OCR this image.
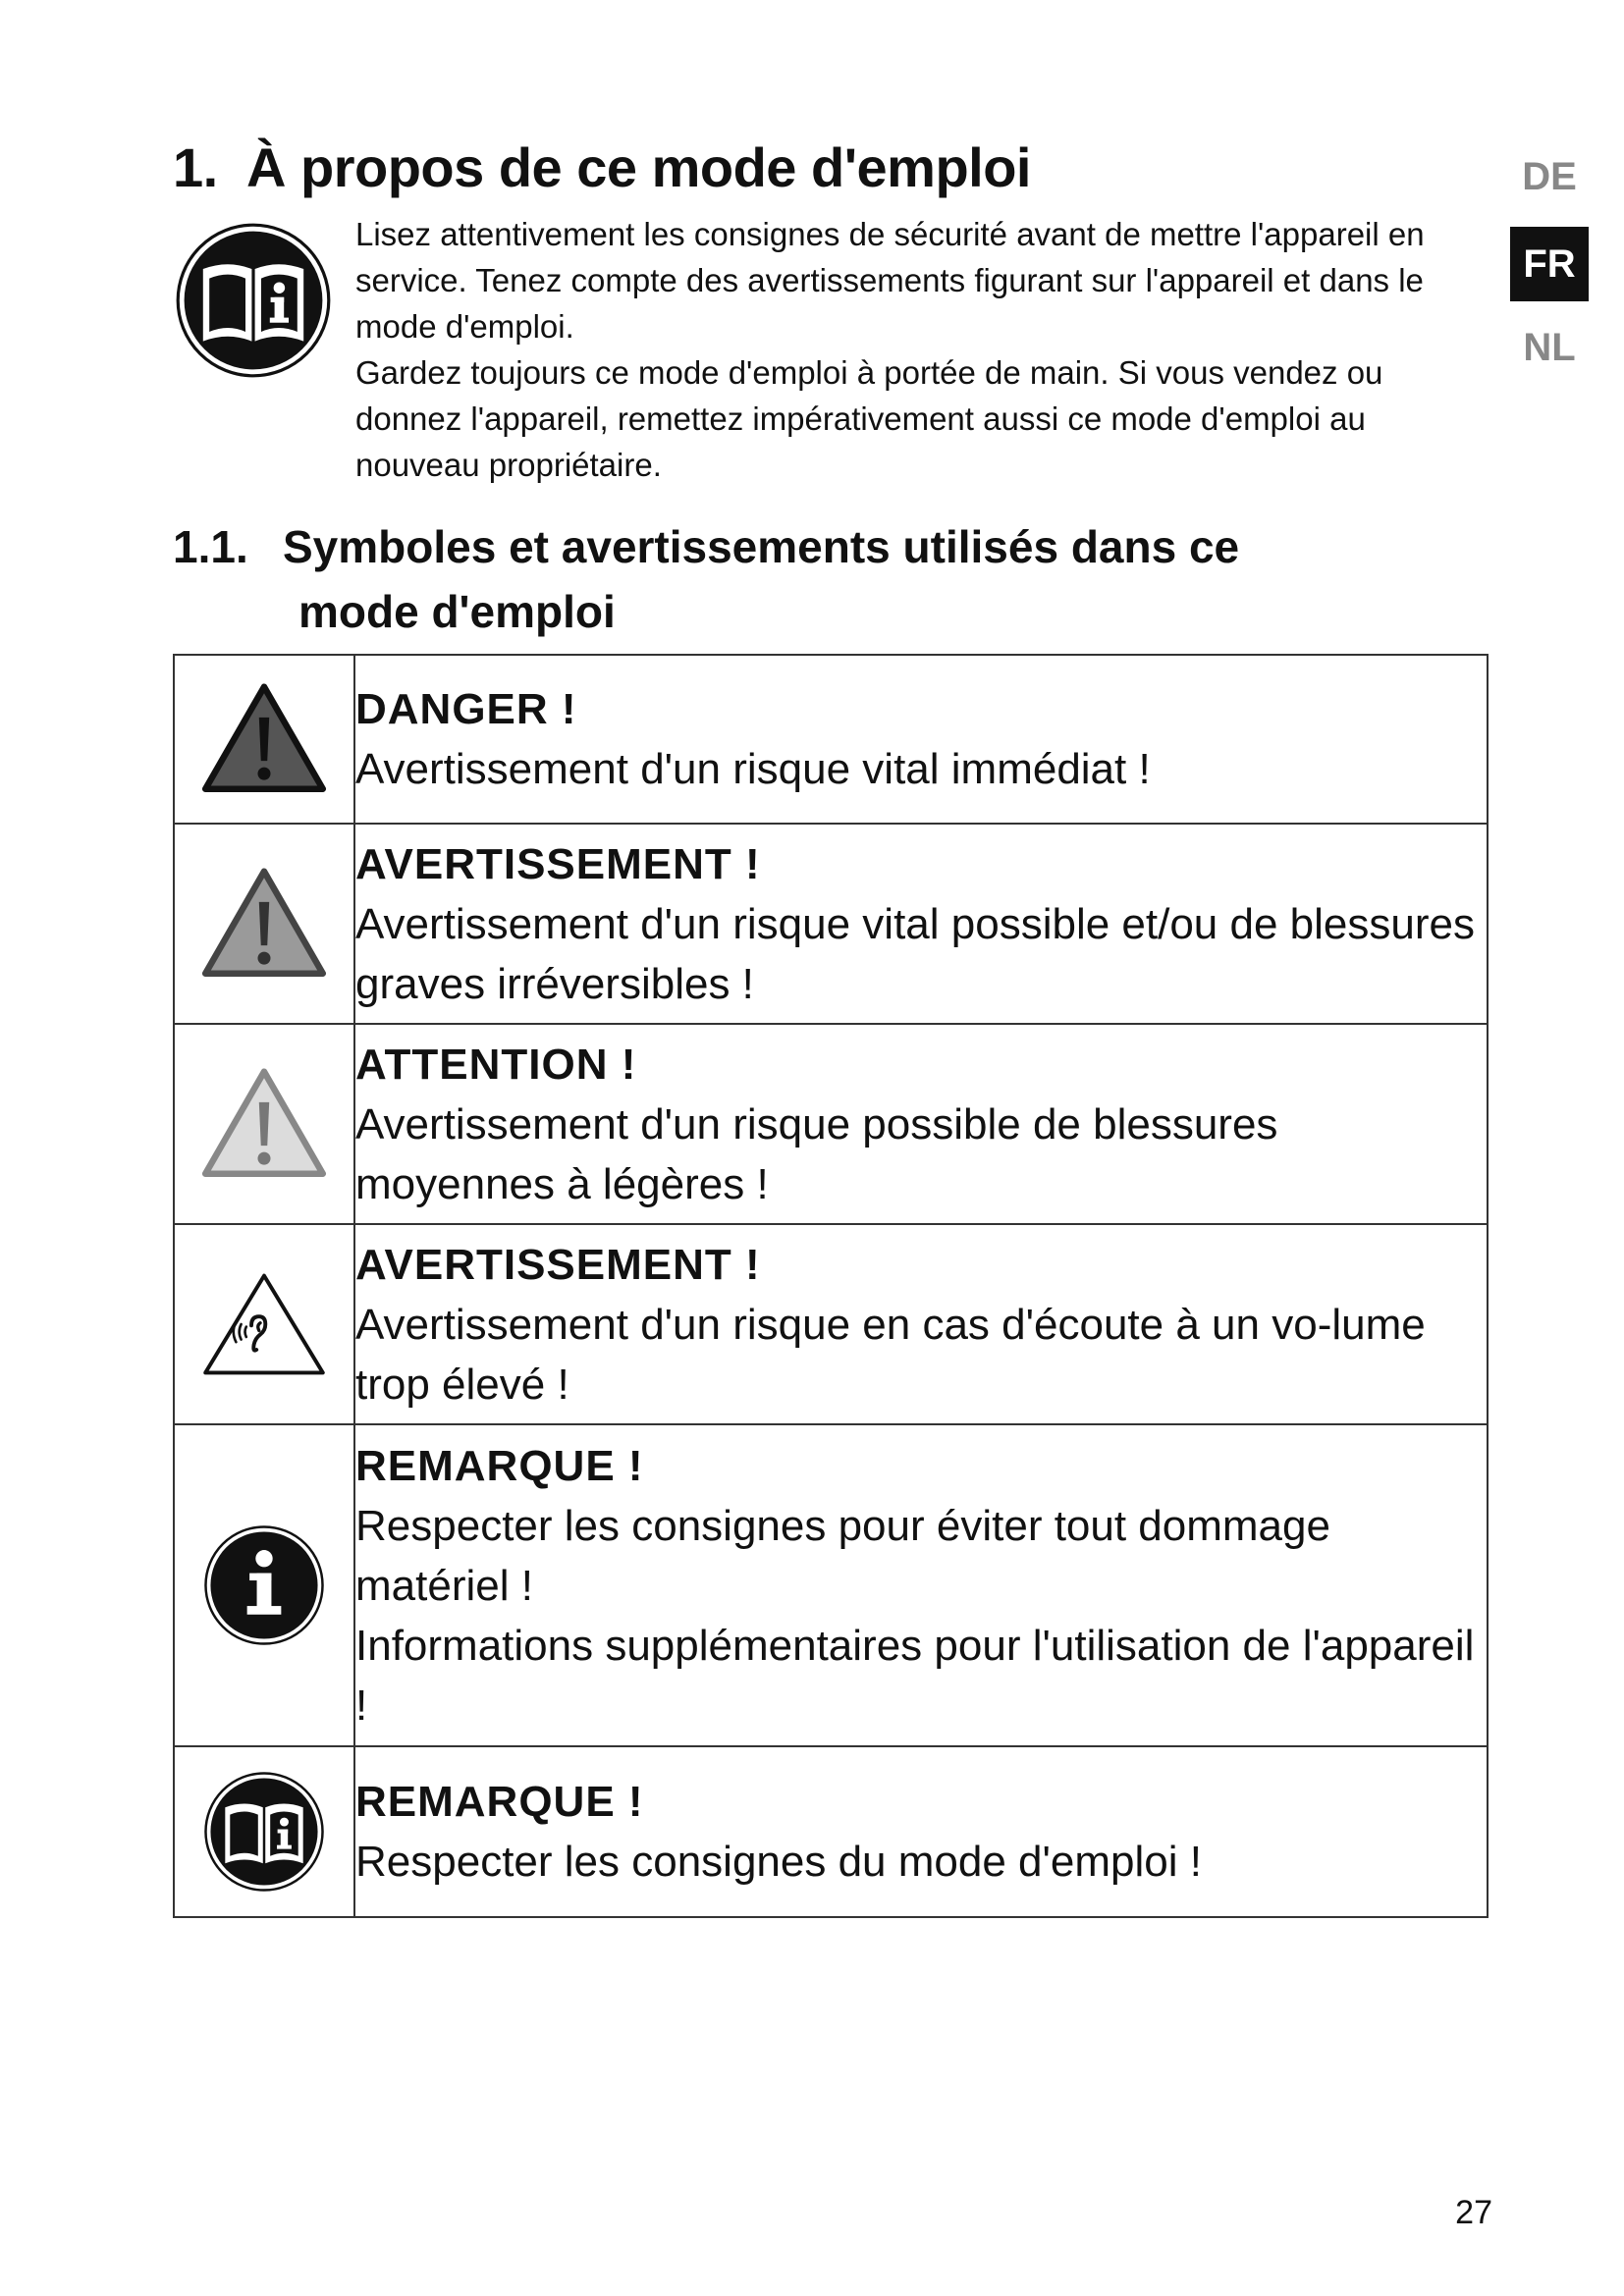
1. À propos de ce mode d'emploi

Lisez attentivement les consignes de sécurité avant de mettre l'appareil en service. Tenez compte des avertissements figurant sur l'appareil et dans le mode d'emploi.

Gardez toujours ce mode d'emploi à portée de main. Si vous vendez ou donnez l'appareil, remettez impérativement aussi ce mode d'emploi au nouveau propriétaire.

DE
FR
NL
1.1. Symboles et avertissements utilisés dans ce
mode d'emploi

DANGER !

Avertissement d'un risque vital immédiat !

AVERTISSEMENT !

Avertissement d'un risque vital possible et/ou de blessures graves irréversibles !

ATTENTION !

Avertissement d'un risque possible de blessures moyennes à légères !

AVERTISSEMENT !

Avertissement d'un risque en cas d'écoute à un vo-lume trop élevé !

REMARQUE !

Respecter les consignes pour éviter tout dommage matériel !

Informations supplémentaires pour l'utilisation de l'appareil !

REMARQUE !

Respecter les consignes du mode d'emploi !

27
